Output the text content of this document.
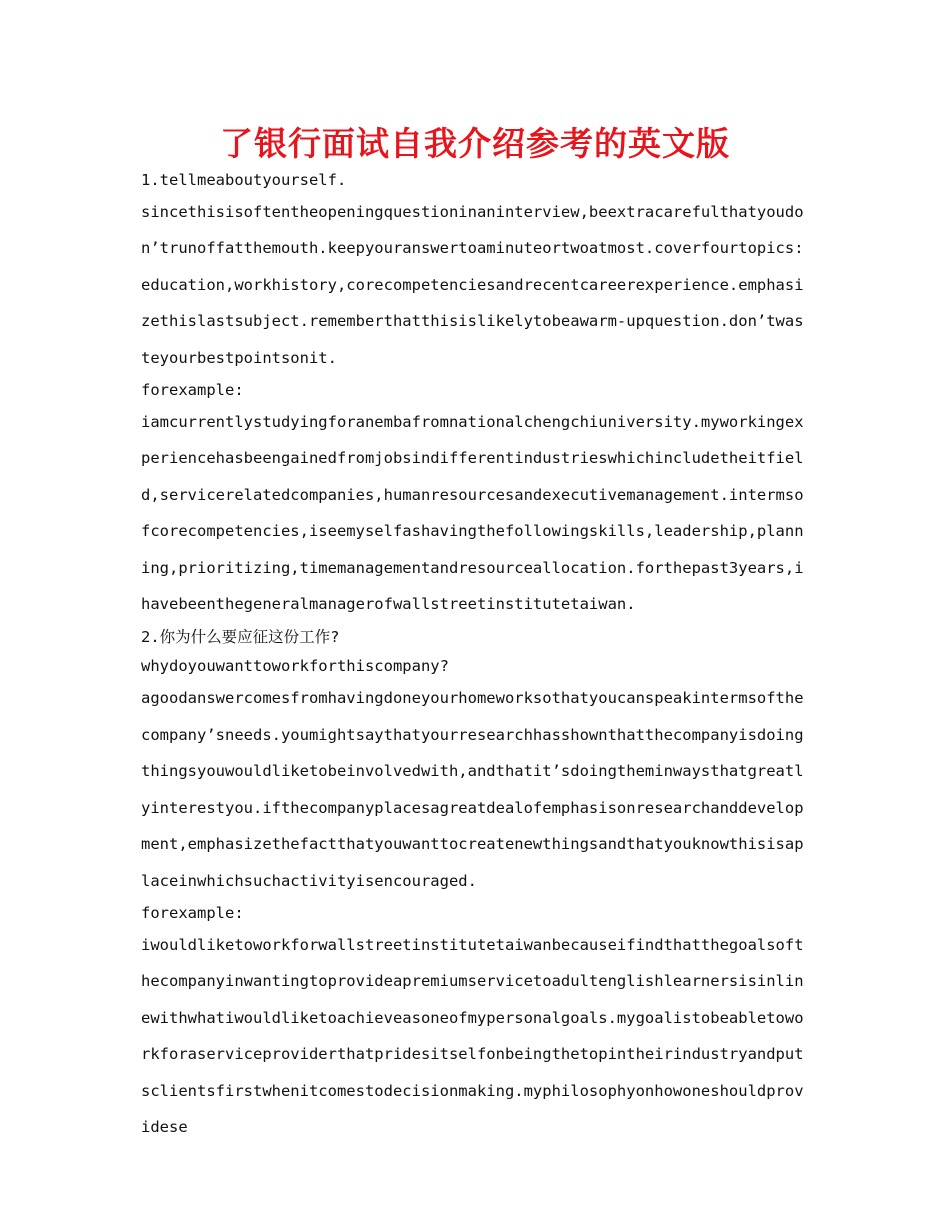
了银行面试自我介绍参考的英文版

1.tellmeaboutyourself.

sincethisisoftentheopeningquestioninaninterview,beextracarefulthatyoudon’trunoffatthemouth.keepyouranswertoaminuteortwoatmost.coverfourtopics:education,workhistory,corecompetenciesandrecentcareerexperience.emphasizethislastsubject.rememberthatthisislikelytobeawarm-upquestion.don’twasteyourbestpointsonit.

forexample:

iamcurrentlystudyingforanembafromnationalchengchiuniversity.myworkingexperiencehasbeengainedfromjobsindifferentindustrieswhichincludetheitfield,servicerelatedcompanies,humanresourcesandexecutivemanagement.intermsofcorecompetencies,iseemyselfashavingthefollowingskills,leadership,planning,prioritizing,timemanagementandresourceallocation.forthepast3years,ihavebeenthegeneralmanagerofwallstreetinstitutetaiwan.

2.你为什么要应征这份工作?

whydoyouwanttoworkforthiscompany?

agoodanswercomesfromhavingdoneyourhomeworksothatyoucanspeakintermsofthecompany’sneeds.youmightsaythatyourresearchhasshownthatthecompanyisdoingthingsyouwouldliketobeinvolvedwith,andthatit’sdoingtheminwaysthatgreatlyinterestyou.ifthecompanyplacesagreatdealofemphasisonresearchanddevelopment,emphasizethefactthatyouwanttocreatenewthingsandthatyouknowthisisaplaceinwhichsuchactivityisencouraged.

forexample:

iwouldliketoworkforwallstreetinstitutetaiwanbecauseifindthatthegoalsofthecompanyinwantingtoprovideapremiumservicetoadultenglishlearnersisinlinewithwhatiwouldliketoachieveasoneofmypersonalgoals.mygoalistobeabletoworkforaserviceproviderthatpridesitselfonbeingthetopintheirindustryandputsclientsfirstwhenitcomestodecisionmaking.myphilosophyonhowoneshouldprovidese
